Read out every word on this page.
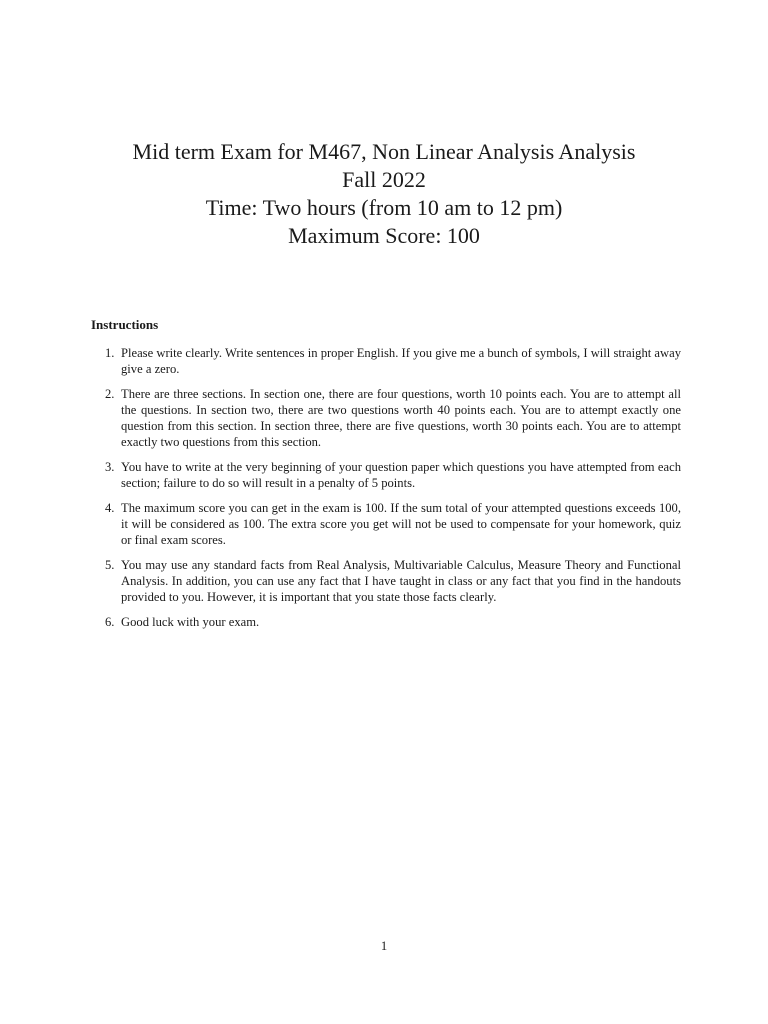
Mid term Exam for M467, Non Linear Analysis Analysis
Fall 2022
Time: Two hours (from 10 am to 12 pm)
Maximum Score: 100
Instructions
1. Please write clearly. Write sentences in proper English. If you give me a bunch of symbols, I will straight away give a zero.
2. There are three sections. In section one, there are four questions, worth 10 points each. You are to attempt all the questions. In section two, there are two questions worth 40 points each. You are to attempt exactly one question from this section. In section three, there are five questions, worth 30 points each. You are to attempt exactly two questions from this section.
3. You have to write at the very beginning of your question paper which questions you have attempted from each section; failure to do so will result in a penalty of 5 points.
4. The maximum score you can get in the exam is 100. If the sum total of your attempted questions exceeds 100, it will be considered as 100. The extra score you get will not be used to compensate for your homework, quiz or final exam scores.
5. You may use any standard facts from Real Analysis, Multivariable Calculus, Measure Theory and Functional Analysis. In addition, you can use any fact that I have taught in class or any fact that you find in the handouts provided to you. However, it is important that you state those facts clearly.
6. Good luck with your exam.
1
